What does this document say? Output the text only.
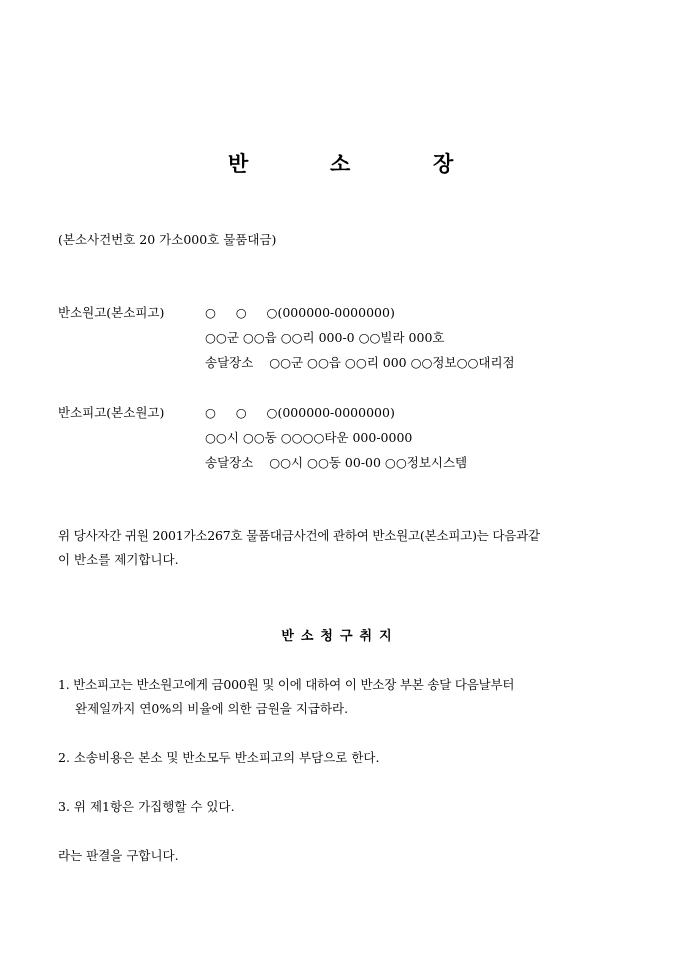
반	소	장
(본소사건번호 20 가소000호 물품대금)
반소원고(본소피고)	○     ○     ○(000000-0000000)
○○군 ○○읍 ○○리 000-0 ○○빌라 000호
송달장소    ○○군 ○○읍 ○○리 000 ○○정보○○대리점
반소피고(본소원고)	○     ○     ○(000000-0000000)
○○시 ○○동 ○○○○타운 000-0000
송달장소    ○○시 ○○동 00-00 ○○정보시스템
위 당사자간 귀원 2001가소267호 물품대금사건에 관하여 반소원고(본소피고)는 다음과같
이 반소를 제기합니다.
반소청구취지
1. 반소피고는 반소원고에게 금000원 및 이에 대하여 이 반소장 부본 송달 다음날부터
완제일까지 연0%의 비율에 의한 금원을 지급하라.
2. 소송비용은 본소 및 반소모두 반소피고의 부담으로 한다.
3. 위 제1항은 가집행할 수 있다.
라는 판결을 구합니다.
